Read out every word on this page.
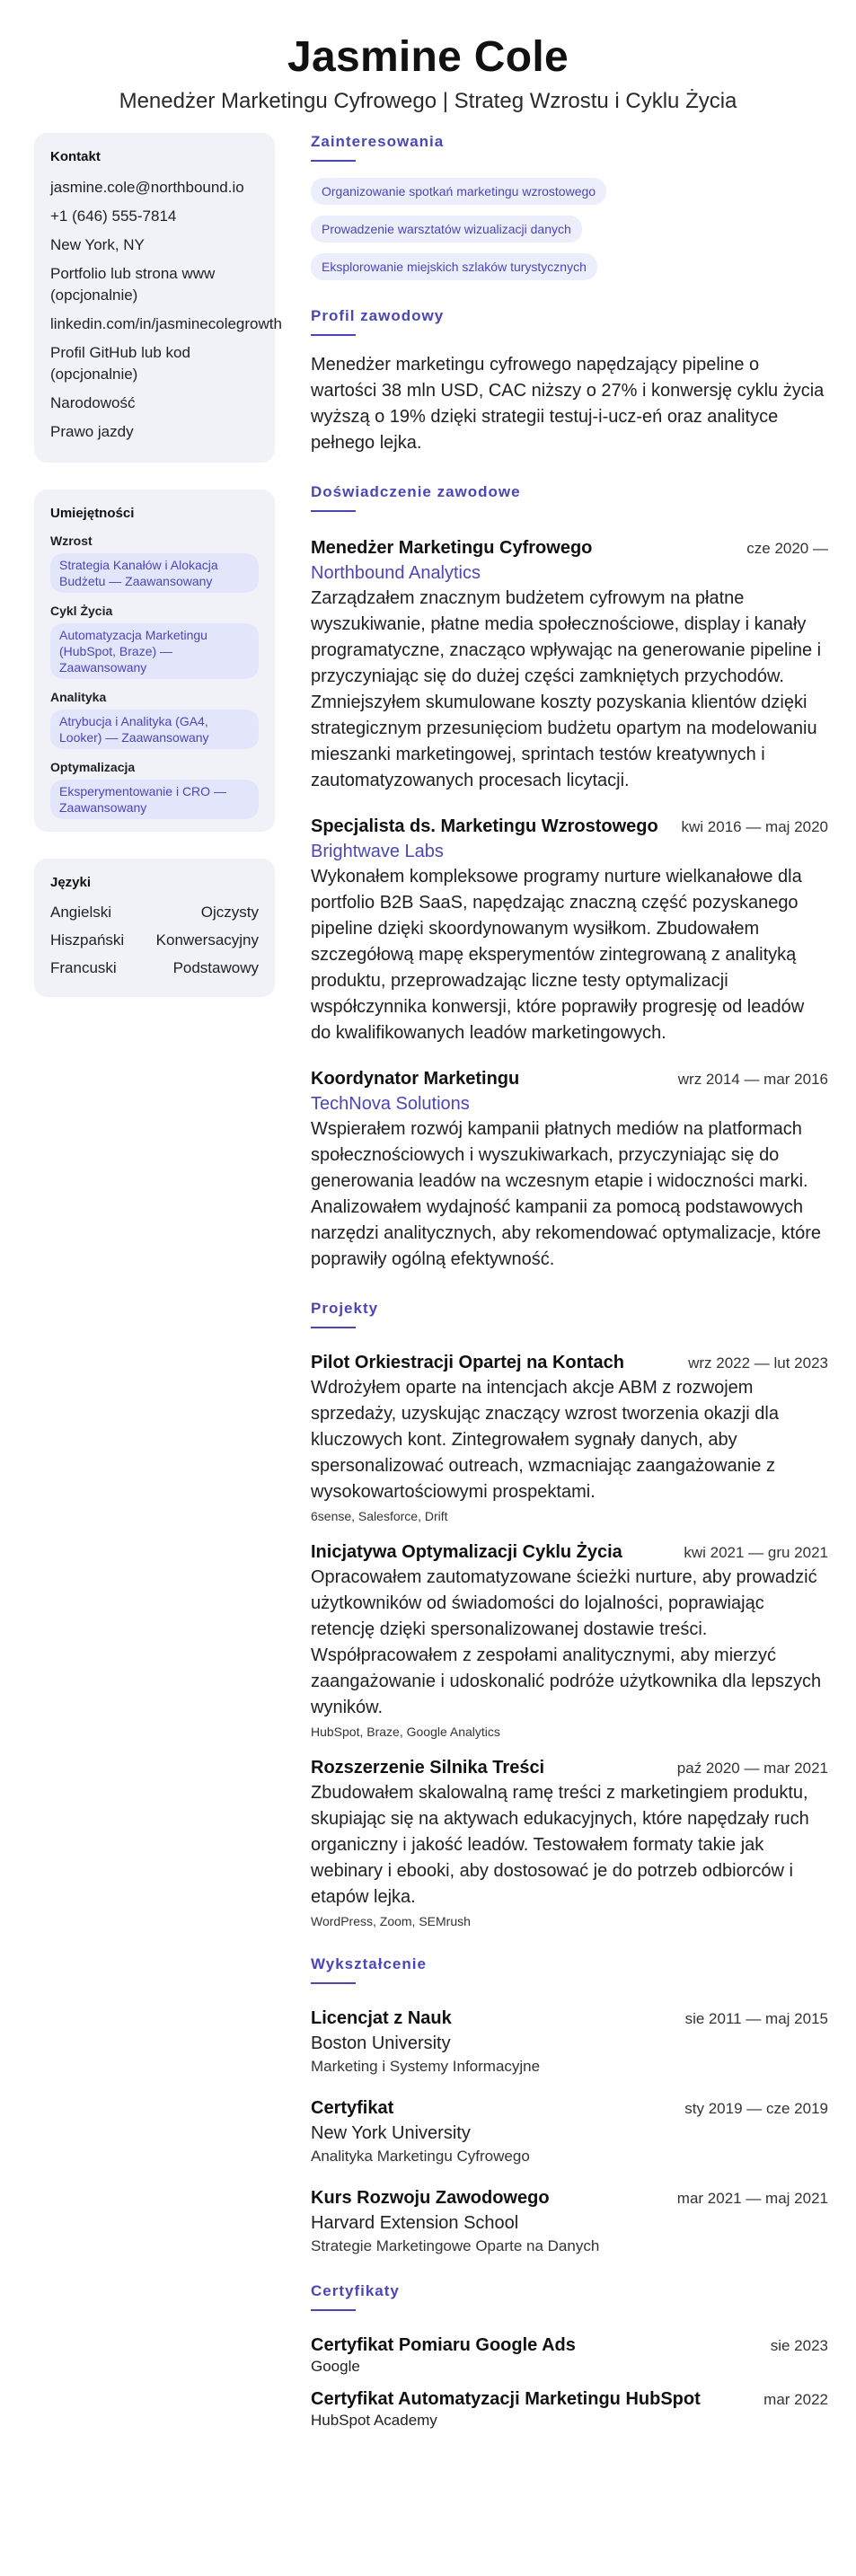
Jasmine Cole
Menedżer Marketingu Cyfrowego | Strateg Wzrostu i Cyklu Życia
Kontakt
jasmine.cole@northbound.io
+1 (646) 555-7814
New York, NY
Portfolio lub strona www (opcjonalnie)
linkedin.com/in/jasminecolegrowth
Profil GitHub lub kod (opcjonalnie)
Narodowość
Prawo jazdy
Umiejętności
Wzrost
Strategia Kanałów i Alokacja Budżetu — Zaawansowany
Cykl Życia
Automatyzacja Marketingu (HubSpot, Braze) — Zaawansowany
Analityka
Atrybucja i Analityka (GA4, Looker) — Zaawansowany
Optymalizacja
Eksperymentowanie i CRO — Zaawansowany
Języki
Angielski	Ojczysty
Hiszpański Konwersacyjny
Francuski	Podstawowy
Zainteresowania
Organizowanie spotkań marketingu wzrostowego
Prowadzenie warsztatów wizualizacji danych
Eksplorowanie miejskich szlaków turystycznych
Profil zawodowy
Menedżer marketingu cyfrowego napędzający pipeline o wartości 38 mln USD, CAC niższy o 27% i konwersję cyklu życia wyższą o 19% dzięki strategii testuj-i-ucz-eń oraz analityce pełnego lejka.
Doświadczenie zawodowe
Menedżer Marketingu Cyfrowego	cze 2020 —
Northbound Analytics
Zarządzałem znacznym budżetem cyfrowym na płatne wyszukiwanie, płatne media społecznościowe, display i kanały programatyczne, znacząco wpływając na generowanie pipeline i przyczyniając się do dużej części zamkniętych przychodów. Zmniejszyłem skumulowane koszty pozyskania klientów dzięki strategicznym przesunięciom budżetu opartym na modelowaniu mieszanki marketingowej, sprintach testów kreatywnych i zautomatyzowanych procesach licytacji.
Specjalista ds. Marketingu Wzrostowego kwi 2016 — maj 2020
Brightwave Labs
Wykonałem kompleksowe programy nurture wielkanałowe dla portfolio B2B SaaS, napędzając znaczną część pozyskanego pipeline dzięki skoordynowanym wysiłkom. Zbudowałem szczegółową mapę eksperymentów zintegrowaną z analityką produktu, przeprowadzając liczne testy optymalizacji współczynnika konwersji, które poprawiły progresję od leadów do kwalifikowanych leadów marketingowych.
Koordynator Marketingu	wrz 2014 — mar 2016
TechNova Solutions
Wspierałem rozwój kampanii płatnych mediów na platformach społecznościowych i wyszukiwarkach, przyczyniając się do generowania leadów na wczesnym etapie i widoczności marki. Analizowałem wydajność kampanii za pomocą podstawowych narzędzi analitycznych, aby rekomendować optymalizacje, które poprawiły ogólną efektywność.
Projekty
Pilot Orkiestracji Opartej na Kontach	wrz 2022 — lut 2023
Wdrożyłem oparte na intencjach akcje ABM z rozwojem sprzedaży, uzyskując znaczący wzrost tworzenia okazji dla kluczowych kont. Zintegrowałem sygnały danych, aby spersonalizować outreach, wzmacniając zaangażowanie z wysokowartościowymi prospektami.
6sense, Salesforce, Drift
Inicjatywa Optymalizacji Cyklu Życia	kwi 2021 — gru 2021
Opracowałem zautomatyzowane ścieżki nurture, aby prowadzić użytkowników od świadomości do lojalności, poprawiając retencję dzięki spersonalizowanej dostawie treści. Współpracowałem z zespołami analitycznymi, aby mierzyć zaangażowanie i udoskonalić podróże użytkownika dla lepszych wyników.
HubSpot, Braze, Google Analytics
Rozszerzenie Silnika Treści	paź 2020 — mar 2021
Zbudowałem skalowalną ramę treści z marketingiem produktu, skupiając się na aktywach edukacyjnych, które napędzały ruch organiczny i jakość leadów. Testowałem formaty takie jak webinary i ebooki, aby dostosować je do potrzeb odbiorców i etapów lejka.
WordPress, Zoom, SEMrush
Wykształcenie
Licencjat z Nauk	sie 2011 — maj 2015
Boston University
Marketing i Systemy Informacyjne
Certyfikat	sty 2019 — cze 2019
New York University
Analityka Marketingu Cyfrowego
Kurs Rozwoju Zawodowego	mar 2021 — maj 2021
Harvard Extension School
Strategie Marketingowe Oparte na Danych
Certyfikaty
Certyfikat Pomiaru Google Ads	sie 2023
Google
Certyfikat Automatyzacji Marketingu HubSpot	mar 2022
HubSpot Academy
